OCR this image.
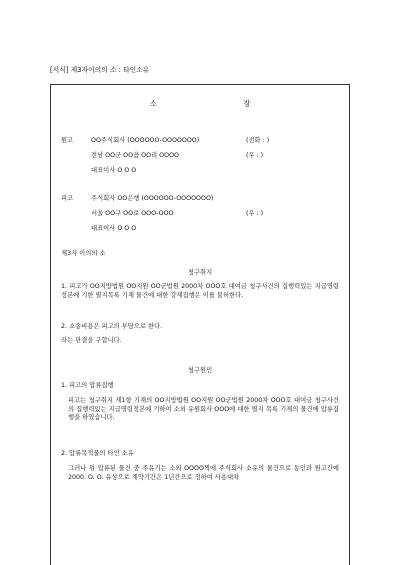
[서식] 제3자이의의 소 : 타인소유
소 장
원고	OO주식회사 (OOOOOO-OOOOOOO)	(전화 : )
전남 OO군 OO읍 OO리 OOOO	(우 : )
대표이사 O O O
피고	주식회사 OO은행 (OOOOOO-OOOOOOO)
서울 OO구 OO로 OOO-OOO	(우 : )
대표이사 O O O
제3자 이의의 소
청구취지
1. 피고가 OO지방법원 OO지원 OO군법원 2000차 OOO호 대여금 청구사건의 집행력있는 지급명령정본에 기한 별지목록 기재 물건에 대한 강제집행은 이를 불허한다.
2. 소송비용은 피고의 부담으로 한다.
라는 판결을 구합니다.
청구원인
1. 피고의 압류집행
피고는 청구취지 제1항 기재의 OO지방법원 OO지원 OO군법원 2000차 OOO호 대여금 청구사건의 집행력있는 지급명령정본에 기하여 소외 유원회사 OOO에 대한 별지 목록 기재의 물건에 압류집행을 하였습니다.
2. 압류목적물의 타인 소유
그러나 위 압류된 물건 중 주유기는 소외 OOOO쩍에 주식회사 소유의 물건으로 동인과 원고간에 2000. O. O. 유상으로 계약기간은 1년간으로 정하여 사용대차
